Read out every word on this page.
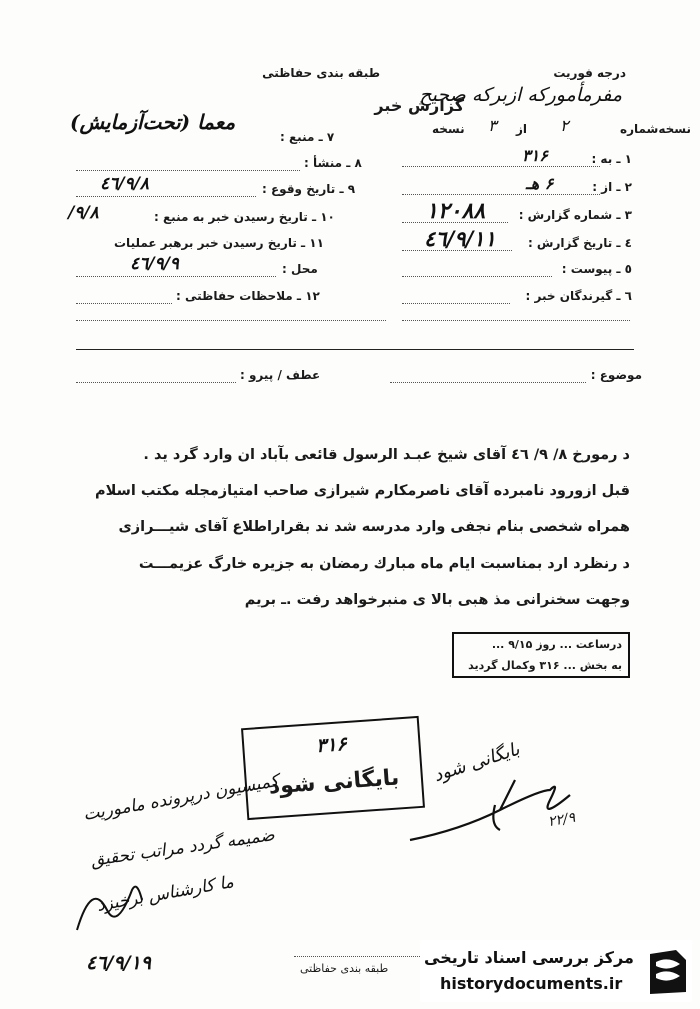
درجه فوریت
طبقه بندی حفاظتی
مفرمأمورکه ازبرکه صحیح
گزارش خبر
نسخه‌شماره
۲
از
۳
نسخه
۱ ـ به :
۳۱۶
۲ ـ از :
۶ هـ
۳ ـ شماره گزارش :
۱۲۰۸۸
٤ ـ تاریخ گزارش :
٤٦/٩/١١
٥ ـ پیوست :
٦ ـ گیرندگان خبر :
۷ ـ منبع :
معما (تحت‌آزمایش)
۸ ـ منشأ :
۹ ـ تاریخ وقوع :
٤٦/٩/٨
۱۰ ـ تاریخ رسیدن خبر به منبع :
٩/٨/
۱۱ ـ تاریخ رسیدن خبر برهبر عملیات
محل :
٤٦/٩/٩
۱۲ ـ ملاحظات حفاظتی :
موضوع :
عطف / پیرو :
د رمورخ ۸/ ۹/ ٤٦ آقای شیخ عبـد الرسول قائعی بآباد ان وارد گرد ید .
قبل ازورود نامبرده آقای ناصرمکارم شیرازی صاحب امتیازمجله مکتب اسلام
همراه شخصی بنام نجفی وارد مدرسه شد ند بقراراطلاع آقای شیـــرازی
د رنظرد ارد بمناسبت ایام ماه مبارك رمضان به جزیره خارگ عزیمـــت
وجهت سخنرانی مذ هبی بالا ی منبرخواهد رفت .ـ بریم
درساعت ... روز ۹/۱۵ ...
به بخش ... ۳۱۶ وکمال گردید
۳۱۶
بایگانی شود	بایگانی شود
۲۲/۹
کمیسیون درپرونده ماموریت
ضمیمه گردد مراتب تحقیق
ما کارشناس برخیزد
٤٦/٩/١٩	طبقه بندی حفاظتی
مرکز بررسی اسناد تاریخی
historydocuments.ir
